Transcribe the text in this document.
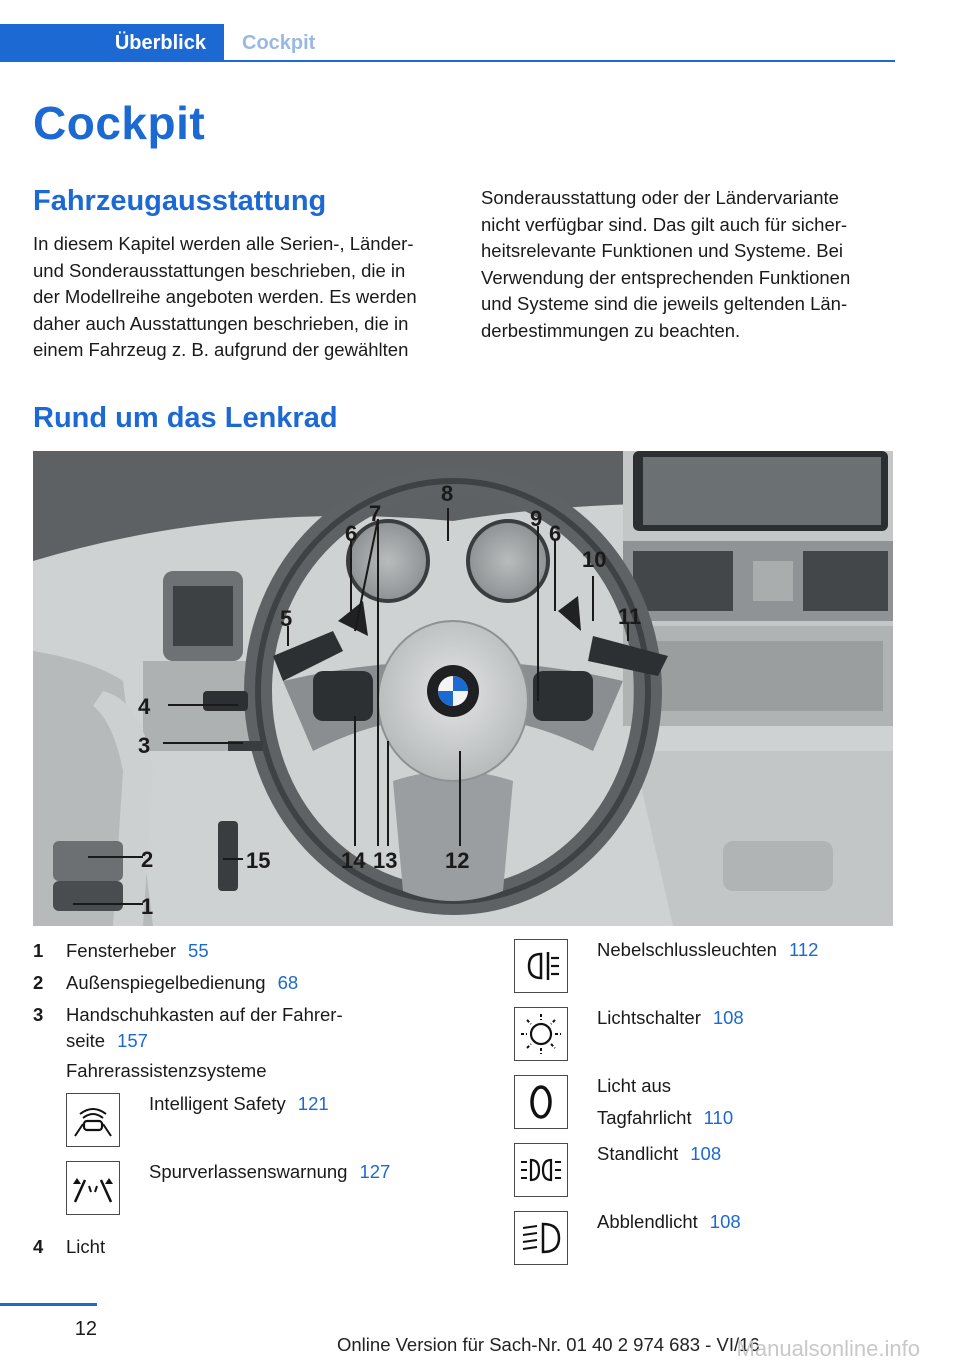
Überblick	Cockpit
Cockpit
Fahrzeugausstattung
In diesem Kapitel werden alle Serien-, Länder-
und Sonderausstattungen beschrieben, die in
der Modellreihe angeboten werden. Es werden
daher auch Ausstattungen beschrieben, die in
einem Fahrzeug z. B. aufgrund der gewählten
Sonderausstattung oder der Ländervariante
nicht verfügbar sind. Das gilt auch für sicher-
heitsrelevante Funktionen und Systeme. Bei
Verwendung der entsprechenden Funktionen
und Systeme sind die jeweils geltenden Län-
derbestimmungen zu beachten.
Rund um das Lenkrad
8
7
6
9
6
10
5	11
4
3
2	15	14 13 12
1
1 Fensterheber 55
2 Außenspiegelbedienung 68
3 Handschuhkasten auf der Fahrer-
seite 157
Fahrerassistenzsysteme
Intelligent Safety 121
Spurverlassenswarnung 127
4 Licht
Nebelschlussleuchten 112
Lichtschalter 108
Licht aus
Tagfahrlicht 110
Standlicht 108
Abblendlicht 108
12
Online Version für Sach-Nr. 01 40 2 974 683 - VI/16
Manualsonline.info
